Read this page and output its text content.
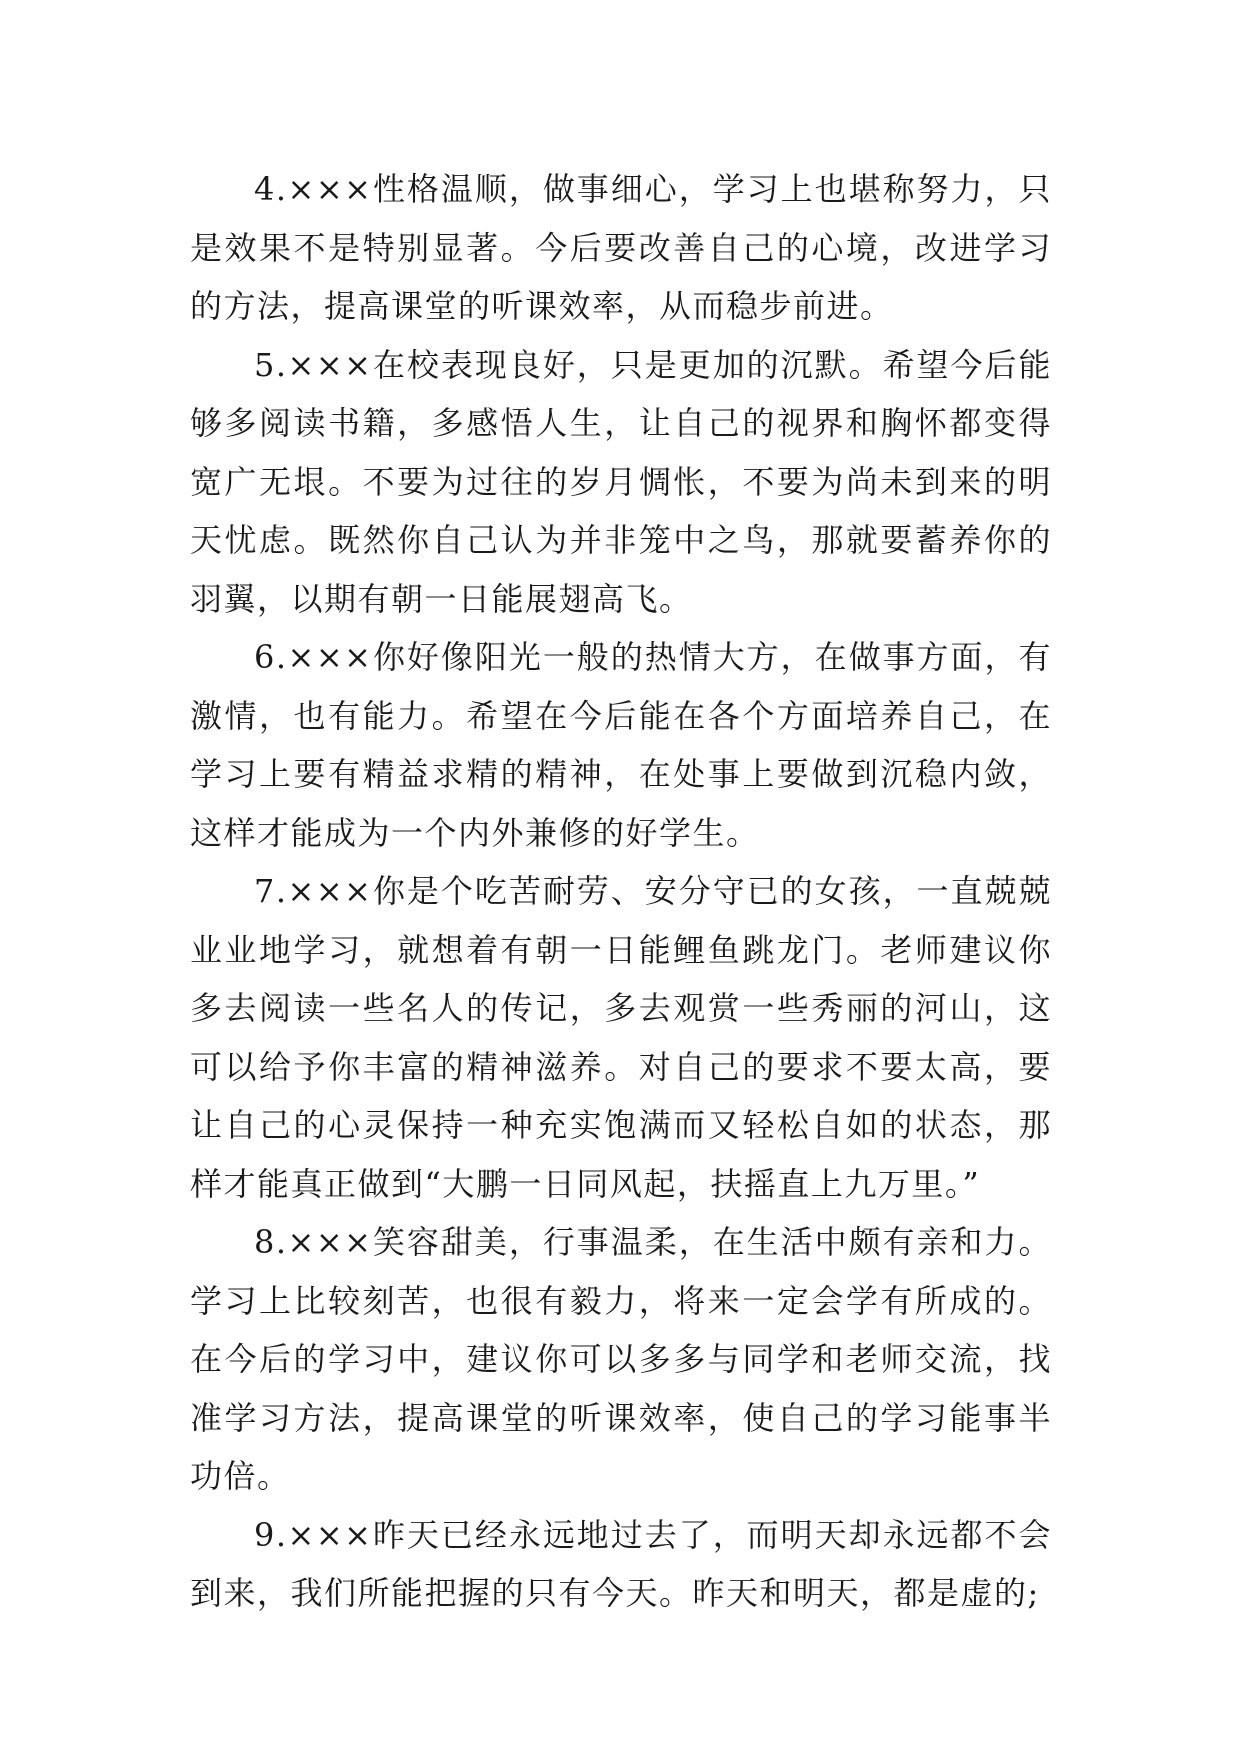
4.×××性格温顺，做事细心，学习上也堪称努力，只是效果不是特别显著。今后要改善自己的心境，改进学习的方法，提高课堂的听课效率，从而稳步前进。

5.×××在校表现良好，只是更加的沉默。希望今后能够多阅读书籍，多感悟人生，让自己的视界和胸怀都变得宽广无垠。不要为过往的岁月惆怅，不要为尚未到来的明天忧虑。既然你自己认为并非笼中之鸟，那就要蓄养你的羽翼，以期有朝一日能展翅高飞。

6.×××你好像阳光一般的热情大方，在做事方面，有激情，也有能力。希望在今后能在各个方面培养自己，在学习上要有精益求精的精神，在处事上要做到沉稳内敛，这样才能成为一个内外兼修的好学生。

7.×××你是个吃苦耐劳、安分守已的女孩，一直兢兢业业地学习，就想着有朝一日能鲤鱼跳龙门。老师建议你多去阅读一些名人的传记，多去观赏一些秀丽的河山，这可以给予你丰富的精神滋养。对自己的要求不要太高，要让自己的心灵保持一种充实饱满而又轻松自如的状态，那样才能真正做到“大鹏一日同风起，扶摇直上九万里。”

8.×××笑容甜美，行事温柔，在生活中颇有亲和力。学习上比较刻苦，也很有毅力，将来一定会学有所成的。在今后的学习中，建议你可以多多与同学和老师交流，找准学习方法，提高课堂的听课效率，使自己的学习能事半功倍。

9.×××昨天已经永远地过去了，而明天却永远都不会到来，我们所能把握的只有今天。昨天和明天，都是虚的;
